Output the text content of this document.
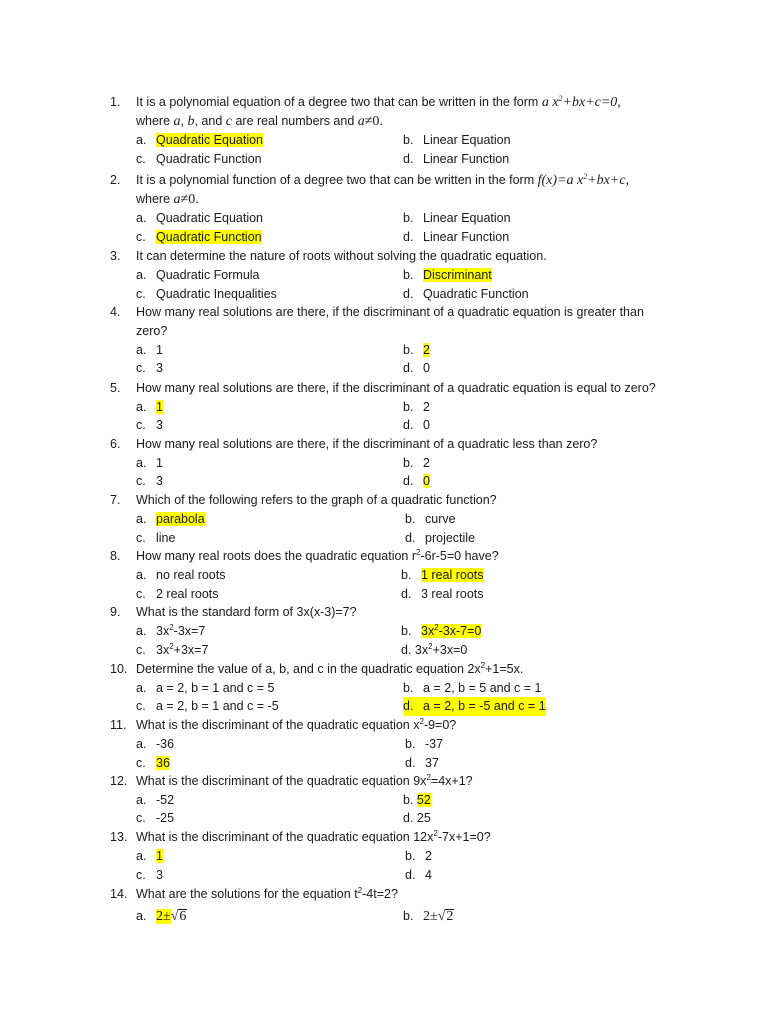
1. It is a polynomial equation of a degree two that can be written in the form a $x^2+bx+c=0$,
where a, b, and c are real numbers and a≠0.
a. Quadratic Equation	b. Linear Equation
c. Quadratic Function	d. Linear Function
2. It is a polynomial function of a degree two that can be written in the form f(x)=a $x^2+bx+c$,
where a≠0.
a. Quadratic Equation	b. Linear Equation
c. Quadratic Function	d. Linear Function
3. It can determine the nature of roots without solving the quadratic equation.
a. Quadratic Formula	b. Discriminant
c. Quadratic Inequalities	d. Quadratic Function
4. How many real solutions are there, if the discriminant of a quadratic equation is greater than
zero?
a. 1	b. 2
c. 3	d. 0
5. How many real solutions are there, if the discriminant of a quadratic equation is equal to zero?
a. 1	b. 2
c. 3	d. 0
6. How many real solutions are there, if the discriminant of a quadratic less than zero?
a. 1	b. 2
c. 3	d. 0
7. Which of the following refers to the graph of a quadratic function?
a. parabola	b. curve
c. line	d. projectile
8. How many real roots does the quadratic equation $r^2-6r-5=0$ have?
a. no real roots	b. 1 real roots
c. 2 real roots	d. 3 real roots
9. What is the standard form of 3x(x-3)=7?
a. $3x^2-3x=7$	b. $3x^2-3x-7=0$
c. $3x^2+3x=7$	d. $3x^2+3x=0$
10. Determine the value of a, b, and c in the quadratic equation $2x^2+1=5x$.
a. a = 2, b = 1 and c = 5	b. a = 2, b = 5 and c = 1
c. a = 2, b = 1 and c = -5	d. a = 2, b = -5 and c = 1
11. What is the discriminant of the quadratic equation $x^2-9=0$?
a. -36	b. -37
c. 36	d. 37
12. What is the discriminant of the quadratic equation $9x^2=4x+1$?
a. -52	b. 52
c. -25	d. 25
13. What is the discriminant of the quadratic equation $12x^2-7x+1=0$?
a. 1	b. 2
c. 3	d. 4
14. What are the solutions for the equation $t^2-4t=2$?
a. 2±√6	b. 2±√2
